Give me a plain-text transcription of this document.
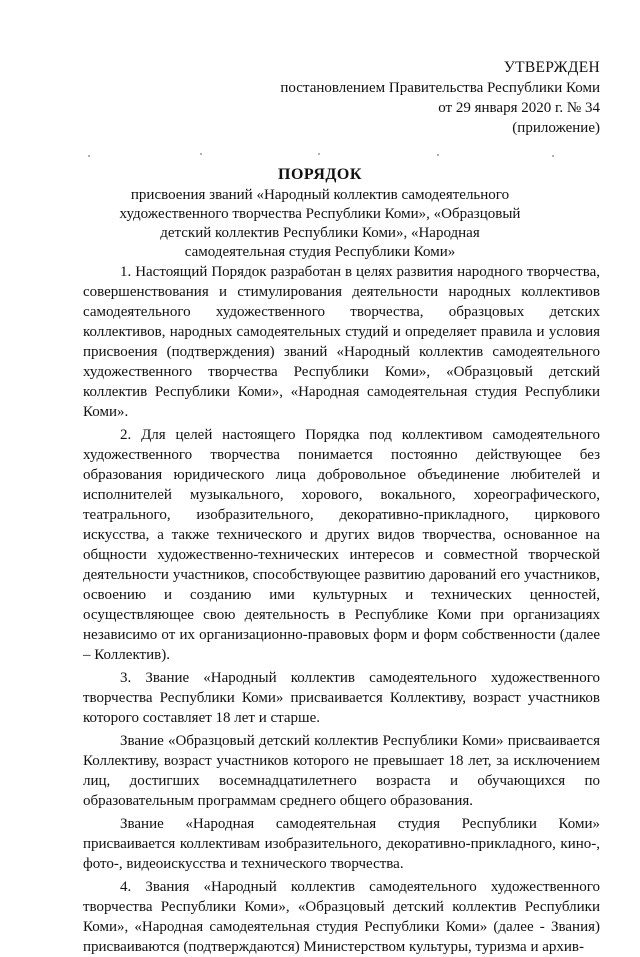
УТВЕРЖДЕН
постановлением Правительства Республики Коми
от 29 января 2020 г. № 34
(приложение)
ПОРЯДОК
присвоения званий «Народный коллектив самодеятельного художественного творчества Республики Коми», «Образцовый детский коллектив Республики Коми», «Народная самодеятельная студия Республики Коми»

1. Настоящий Порядок разработан в целях развития народного творчества, совершенствования и стимулирования деятельности народных коллективов самодеятельного художественного творчества, образцовых детских коллективов, народных самодеятельных студий и определяет правила и условия присвоения (подтверждения) званий «Народный коллектив самодеятельного художественного творчества Республики Коми», «Образцовый детский коллектив Республики Коми», «Народная самодеятельная студия Республики Коми».

2. Для целей настоящего Порядка под коллективом самодеятельного художественного творчества понимается постоянно действующее без образования юридического лица добровольное объединение любителей и исполнителей музыкального, хорового, вокального, хореографического, театрального, изобразительного, декоративно-прикладного, циркового искусства, а также технического и других видов творчества, основанное на общности художественно-технических интересов и совместной творческой деятельности участников, способствующее развитию дарований его участников, освоению и созданию ими культурных и технических ценностей, осуществляющее свою деятельность в Республике Коми при организациях независимо от их организационно-правовых форм и форм собственности (далее – Коллектив).

3. Звание «Народный коллектив самодеятельного художественного творчества Республики Коми» присваивается Коллективу, возраст участников которого составляет 18 лет и старше.

Звание «Образцовый детский коллектив Республики Коми» присваивается Коллективу, возраст участников которого не превышает 18 лет, за исключением лиц, достигших восемнадцатилетнего возраста и обучающихся по образовательным программам среднего общего образования.

Звание «Народная самодеятельная студия Республики Коми» присваивается коллективам изобразительного, декоративно-прикладного, кино-, фото-, видеоискусства и технического творчества.

4. Звания «Народный коллектив самодеятельного художественного творчества Республики Коми», «Образцовый детский коллектив Республики Коми», «Народная самодеятельная студия Республики Коми» (далее - Звания) присваиваются (подтверждаются) Министерством культуры, туризма и архив-
